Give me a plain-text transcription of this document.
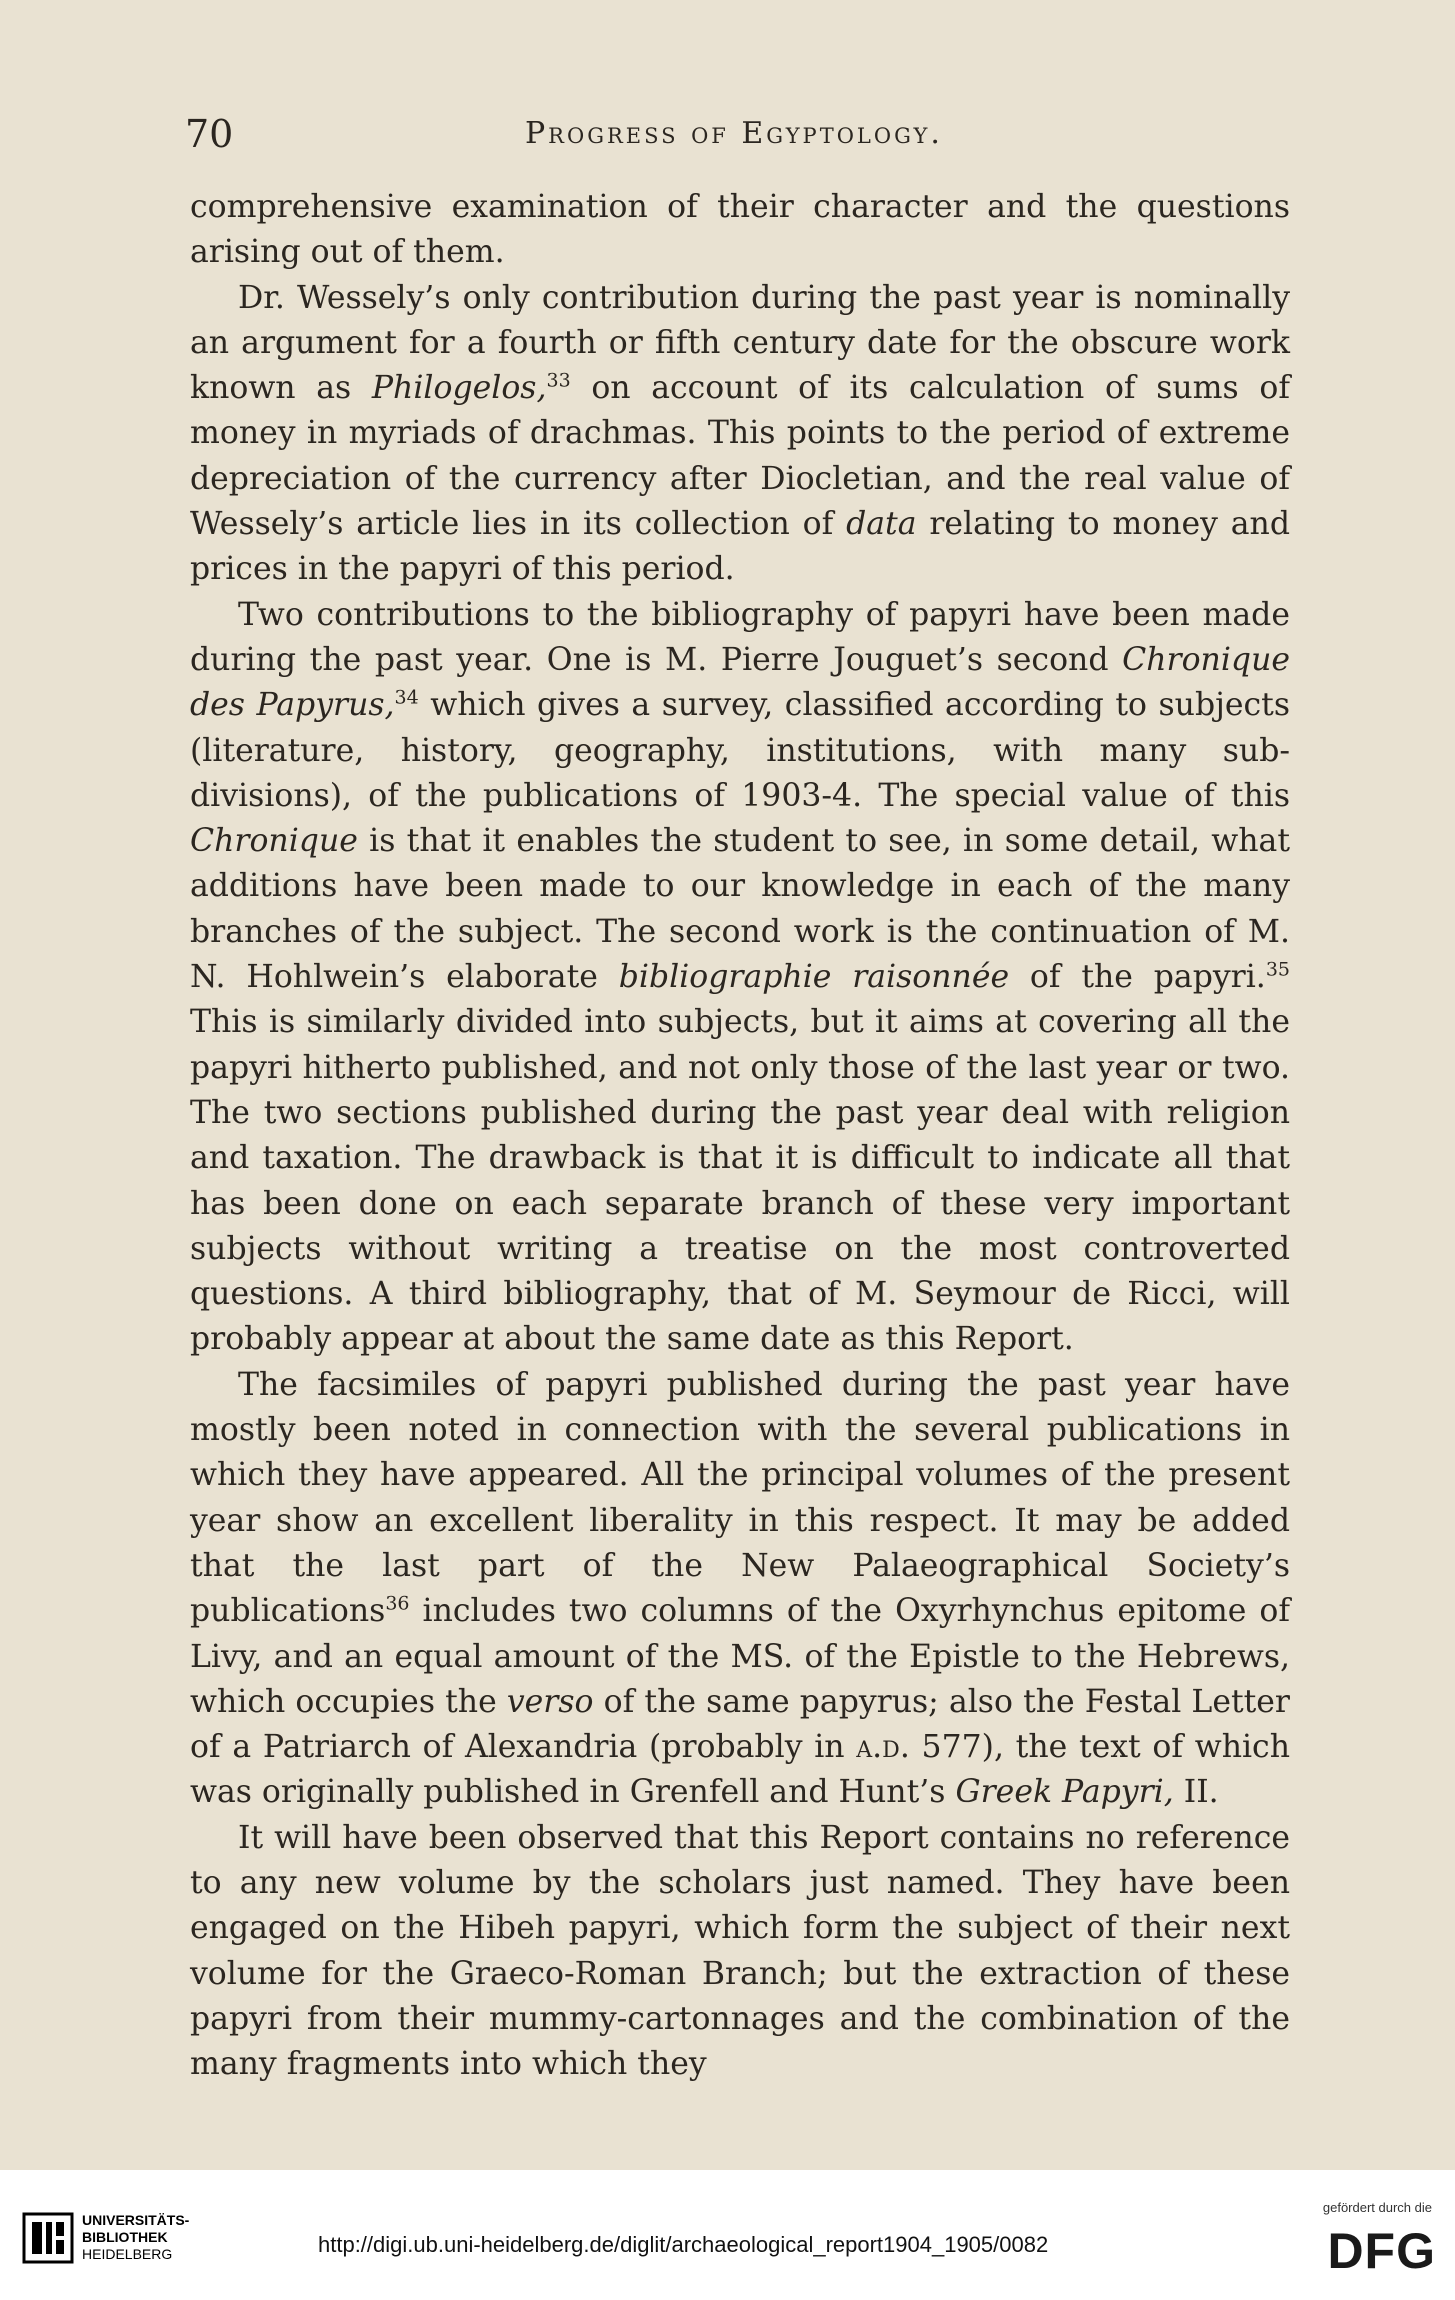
70	Progress of Egyptology.

comprehensive examination of their character and the questions arising out of them.

Dr. Wessely’s only contribution during the past year is nominally an argument for a fourth or fifth century date for the obscure work known as Philogelos,$^{33}$ on account of its calculation of sums of money in myriads of drachmas. This points to the period of extreme depreciation of the currency after Diocletian, and the real value of Wessely’s article lies in its collection of data relating to money and prices in the papyri of this period.

Two contributions to the bibliography of papyri have been made during the past year. One is M. Pierre Jouguet’s second Chronique des Papyrus,$^{34}$ which gives a survey, classified according to subjects (literature, history, geography, institutions, with many sub-divisions), of the publications of 1903-4. The special value of this Chronique is that it enables the student to see, in some detail, what additions have been made to our knowledge in each of the many branches of the subject. The second work is the continuation of M. N. Hohlwein’s elaborate bibliographie raisonnée of the papyri.$^{35}$ This is similarly divided into subjects, but it aims at covering all the papyri hitherto published, and not only those of the last year or two. The two sections published during the past year deal with religion and taxation. The drawback is that it is difficult to indicate all that has been done on each separate branch of these very important subjects without writing a treatise on the most controverted questions. A third bibliography, that of M. Seymour de Ricci, will probably appear at about the same date as this Report.

The facsimiles of papyri published during the past year have mostly been noted in connection with the several publications in which they have appeared. All the principal volumes of the present year show an excellent liberality in this respect. It may be added that the last part of the New Palaeographical Society’s publications$^{36}$ includes two columns of the Oxyrhynchus epitome of Livy, and an equal amount of the MS. of the Epistle to the Hebrews, which occupies the verso of the same papyrus; also the Festal Letter of a Patriarch of Alexandria (probably in a.d. 577), the text of which was originally published in Grenfell and Hunt’s Greek Papyri, II.

It will have been observed that this Report contains no reference to any new volume by the scholars just named. They have been engaged on the Hibeh papyri, which form the subject of their next volume for the Graeco-Roman Branch; but the extraction of these papyri from their mummy-cartonnages and the combination of the many fragments into which they

UNIVERSITÄTS-
BIBLIOTHEK
HEIDELBERG	http://digi.ub.uni-heidelberg.de/diglit/archaeological_report1904_1905/0082
gefördert durch die
DFG
